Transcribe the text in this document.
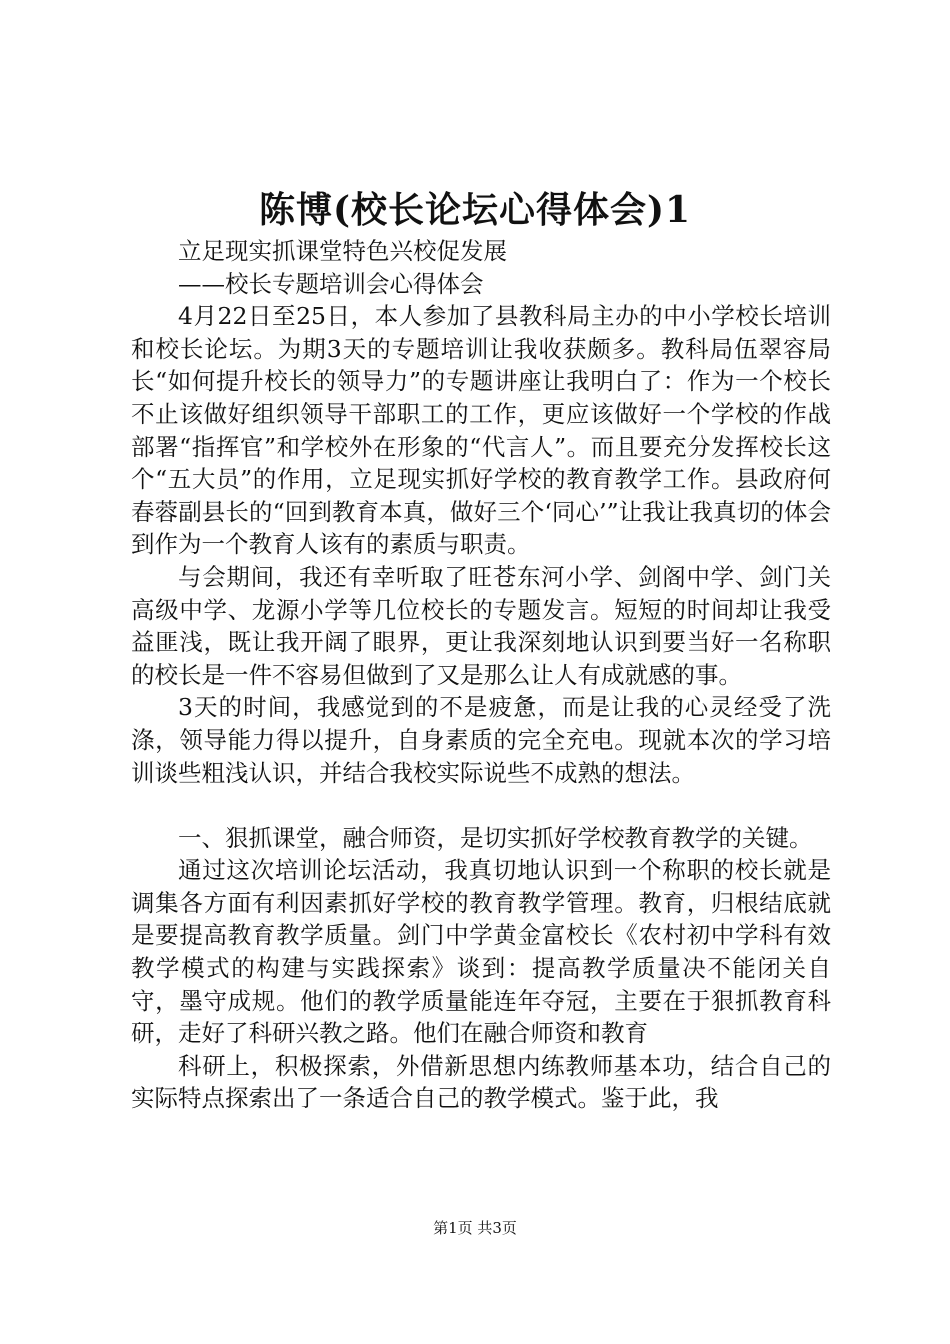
陈博(校长论坛心得体会)1

立足现实抓课堂特色兴校促发展

——校长专题培训会心得体会

4月22日至25日，本人参加了县教科局主办的中小学校长培训和校长论坛。为期3天的专题培训让我收获颇多。教科局伍翠容局长“如何提升校长的领导力”的专题讲座让我明白了：作为一个校长不止该做好组织领导干部职工的工作，更应该做好一个学校的作战部署“指挥官”和学校外在形象的“代言人”。而且要充分发挥校长这个“五大员”的作用，立足现实抓好学校的教育教学工作。县政府何春蓉副县长的“回到教育本真，做好三个‘同心’”让我让我真切的体会到作为一个教育人该有的素质与职责。

与会期间，我还有幸听取了旺苍东河小学、剑阁中学、剑门关高级中学、龙源小学等几位校长的专题发言。短短的时间却让我受益匪浅，既让我开阔了眼界，更让我深刻地认识到要当好一名称职的校长是一件不容易但做到了又是那么让人有成就感的事。

3天的时间，我感觉到的不是疲惫，而是让我的心灵经受了洗涤，领导能力得以提升，自身素质的完全充电。现就本次的学习培训谈些粗浅认识，并结合我校实际说些不成熟的想法。

一、狠抓课堂，融合师资，是切实抓好学校教育教学的关键。

通过这次培训论坛活动，我真切地认识到一个称职的校长就是调集各方面有利因素抓好学校的教育教学管理。教育，归根结底就是要提高教育教学质量。剑门中学黄金富校长《农村初中学科有效教学模式的构建与实践探索》谈到：提高教学质量决不能闭关自守，墨守成规。他们的教学质量能连年夺冠，主要在于狠抓教育科研，走好了科研兴教之路。他们在融合师资和教育

科研上，积极探索，外借新思想内练教师基本功，结合自己的实际特点探索出了一条适合自己的教学模式。鉴于此，我

第1页 共3页
